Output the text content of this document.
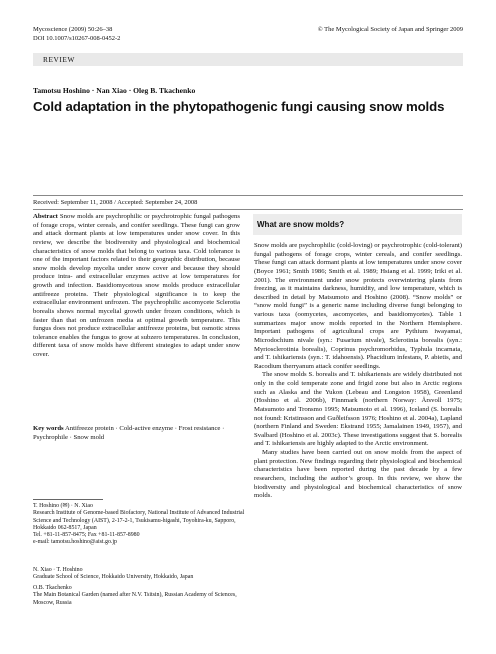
Mycoscience (2009) 50:26–38
DOI 10.1007/s10267-008-0452-2
© The Mycological Society of Japan and Springer 2009
REVIEW
Tamotsu Hoshino · Nan Xiao · Oleg B. Tkachenko
Cold adaptation in the phytopathogenic fungi causing snow molds
Received: September 11, 2008 / Accepted: September 24, 2008
Abstract Snow molds are psychrophilic or psychrotrophic fungal pathogens of forage crops, winter cereals, and conifer seedlings. These fungi can grow and attack dormant plants at low temperatures under snow cover. In this review, we describe the biodiversity and physiological and biochemical characteristics of snow molds that belong to various taxa. Cold tolerance is one of the important factors related to their geographic distribution, because snow molds develop mycelia under snow cover and because they should produce intra- and extracellular enzymes active at low temperatures for growth and infection. Basidiomycetous snow molds produce extracellular antifreeze proteins. Their physiological significance is to keep the extracellular environment unfrozen. The psychrophilic ascomycete Sclerotia borealis shows normal mycelial growth under frozen conditions, which is faster than that on unfrozen media at optimal growth temperature. This fungus does not produce extracellular antifreeze proteins, but osmotic stress tolerance enables the fungus to grow at subzero temperatures. In conclusion, different taxa of snow molds have different strategies to adapt under snow cover.
Key words Antifreeze protein · Cold-active enzyme · Frost resistance · Psychrophile · Snow mold
T. Hoshino (✉) · N. Xiao
Research Institute of Genome-based Biofactory, National Institute of Advanced Industrial Science and Technology (AIST), 2-17-2-1, Tsukisamu-higashi, Toyohira-ku, Sapporo, Hokkaido 062-8517, Japan
Tel. +81-11-857-8475; Fax +81-11-857-8980
e-mail: tamotsu.hoshino@aist.go.jp
N. Xiao · T. Hoshino
Graduate School of Science, Hokkaido University, Hokkaido, Japan
O.B. Tkachenko
The Main Botanical Garden (named after N.V. Tsitsin), Russian Academy of Sciences, Moscow, Russia
What are snow molds?

Snow molds are psychrophilic (cold-loving) or psychrotrophic (cold-tolerant) fungal pathogens of forage crops, winter cereals, and conifer seedlings. These fungi can attack dormant plants at low temperatures under snow cover (Boyce 1961; Smith 1986; Smith et al. 1989; Hsiang et al. 1999; Iriki et al. 2001). The environment under snow protects overwintering plants from freezing, as it maintains darkness, humidity, and low temperature, which is described in detail by Matsumoto and Hoshino (2008). “Snow molds” or “snow mold fungi” is a generic name including diverse fungi belonging to various taxa (oomycetes, ascomycetes, and basidiomycetes). Table 1 summarizes major snow molds reported in the Northern Hemisphere. Important pathogens of agricultural crops are Pythium iwayamai, Microdochium nivale (syn.: Fusarium nivale), Sclerotinia borealis (syn.: Myriosclerotinia borealis), Coprinus psychromorbidus, Typhula incarnata, and T. ishikariensis (syn.: T. idahoensis). Phacidium infestans, P. abietis, and Racodium therryanum attack conifer seedlings.

The snow molds S. borealis and T. ishikariensis are widely distributed not only in the cold temperate zone and frigid zone but also in Arctic regions such as Alaska and the Yukon (Lebeau and Longston 1958), Greenland (Hoshino et al. 2006b), Finnmark (northern Norway: Årsvoll 1975; Matsumoto and Tronsmo 1995; Matsumoto et al. 1996), Iceland (S. borealis not found: Kristinsson and Guðleifsson 1976; Hoshino et al. 2004a), Lapland (northern Finland and Sweden: Ekstrand 1955; Jamalainen 1949, 1957), and Svalbard (Hoshino et al. 2003c). These investigations suggest that S. borealis and T. ishikariensis are highly adapted to the Arctic environment.

Many studies have been carried out on snow molds from the aspect of plant protection. New findings regarding their physiological and biochemical characteristics have been reported during the past decade by a few researchers, including the author’s group. In this review, we show the biodiversity and physiological and biochemical characteristics of snow molds.
